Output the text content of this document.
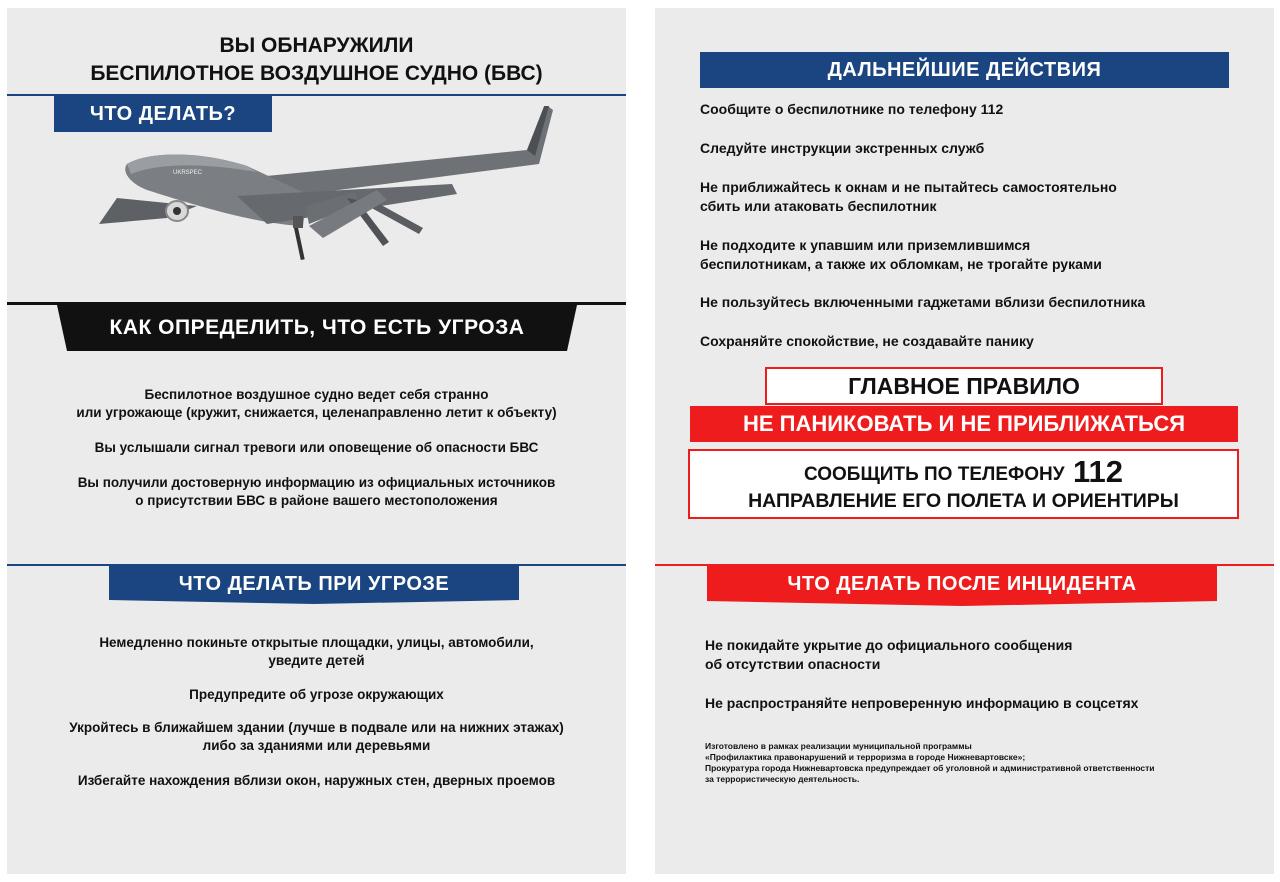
ВЫ ОБНАРУЖИЛИ
БЕСПИЛОТНОЕ ВОЗДУШНОЕ СУДНО (БВС)
ЧТО ДЕЛАТЬ?
UKRSPEC
КАК ОПРЕДЕЛИТЬ, ЧТО ЕСТЬ УГРОЗА
Беспилотное воздушное судно ведет себя странно
или угрожающе (кружит, снижается, целенаправленно летит к объекту)
Вы услышали сигнал тревоги или оповещение об опасности БВС
Вы получили достоверную информацию из официальных источников
о присутствии БВС в районе вашего местоположения
ЧТО ДЕЛАТЬ ПРИ УГРОЗЕ
Немедленно покиньте открытые площадки, улицы, автомобили,
уведите детей
Предупредите об угрозе окружающих
Укройтесь в ближайшем здании (лучше в подвале или на нижних этажах)
либо за зданиями или деревьями
Избегайте нахождения вблизи окон, наружных стен, дверных проемов
ДАЛЬНЕЙШИЕ ДЕЙСТВИЯ
Сообщите о беспилотнике по телефону 112
Следуйте инструкции экстренных служб
Не приближайтесь к окнам и не пытайтесь самостоятельно
сбить или атаковать беспилотник
Не подходите к упавшим или приземлившимся
беспилотникам, а также их обломкам, не трогайте руками
Не пользуйтесь включенными гаджетами вблизи беспилотника
Сохраняйте спокойствие, не создавайте панику
ГЛАВНОЕ ПРАВИЛО
НЕ ПАНИКОВАТЬ И НЕ ПРИБЛИЖАТЬСЯ
СООБЩИТЬ ПО ТЕЛЕФОНУ 112
НАПРАВЛЕНИЕ ЕГО ПОЛЕТА И ОРИЕНТИРЫ
ЧТО ДЕЛАТЬ ПОСЛЕ ИНЦИДЕНТА
Не покидайте укрытие до официального сообщения
об отсутствии опасности
Не распространяйте непроверенную информацию в соцсетях
Изготовлено в рамках реализации муниципальной программы
«Профилактика правонарушений и терроризма в городе Нижневартовске»;
Прокуратура города Нижневартовска предупреждает об уголовной и административной ответственности
за террористическую деятельность.
